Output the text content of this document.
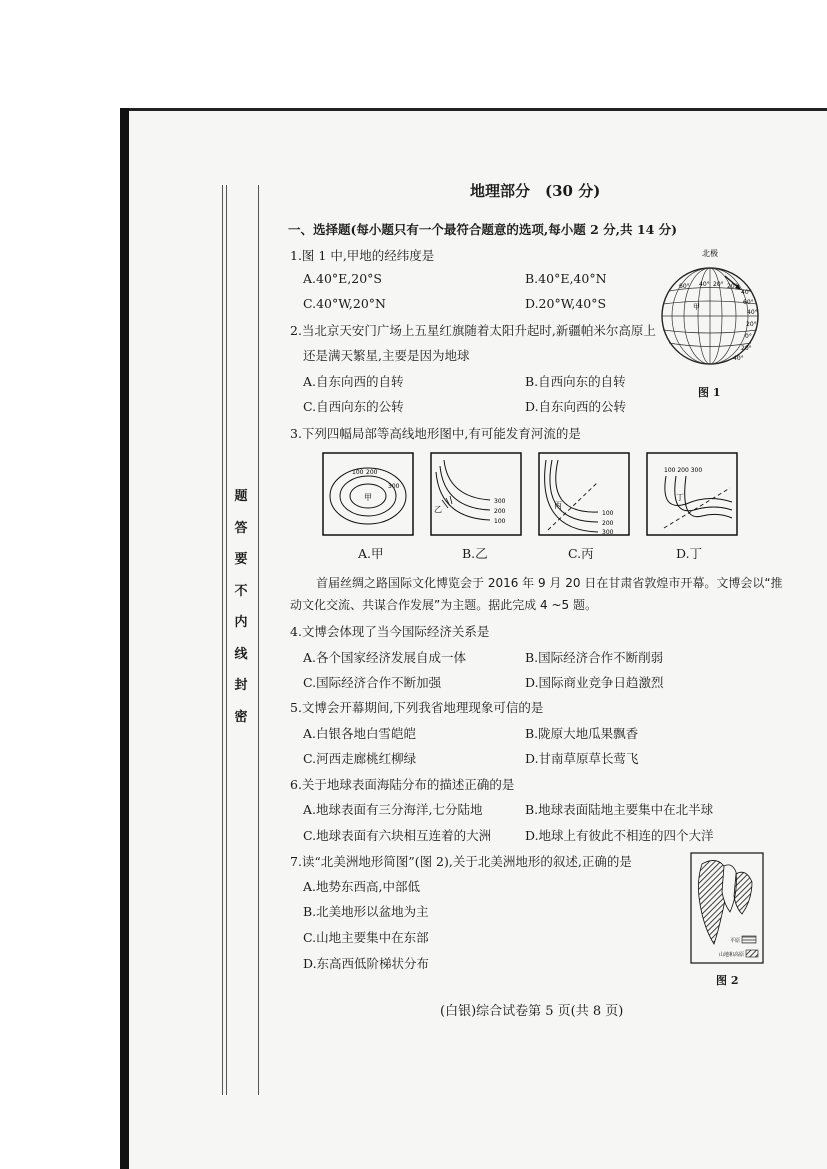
题
答
要
不
内
线
封
密
地理部分　(30 分)
一、选择题(每小题只有一个最符合题意的选项,每小题 2 分,共 14 分)
1.图 1 中,甲地的经纬度是
A.40°E,20°S	B.40°E,40°N
C.40°W,20°N	D.20°W,40°S
2.当北京天安门广场上五星红旗随着太阳升起时,新疆帕米尔高原上
还是满天繁星,主要是因为地球
A.自东向西的自转	B.自西向东的自转
C.自西向东的公转	D.自东向西的公转
北极
60° 40° 20° 20°
40°
甲
60°
40°
20°
0°
20°
40°
图 1
3.下列四幅局部等高线地形图中,有可能发育河流的是
100 200
300
甲	300
200
100
乙	100
200
300
丙
100 200 300
丁
A.甲	B.乙	C.丙	D.丁
首届丝绸之路国际文化博览会于 2016 年 9 月 20 日在甘肃省敦煌市开幕。文博会以“推
动文化交流、共谋合作发展”为主题。据此完成 4 ~5 题。
4.文博会体现了当今国际经济关系是
A.各个国家经济发展自成一体	B.国际经济合作不断削弱
C.国际经济合作不断加强	D.国际商业竞争日趋激烈
5.文博会开幕期间,下列我省地理现象可信的是
A.白银各地白雪皑皑	B.陇原大地瓜果飘香
C.河西走廊桃红柳绿	D.甘南草原草长莺飞
6.关于地球表面海陆分布的描述正确的是
A.地球表面有三分海洋,七分陆地	B.地球表面陆地主要集中在北半球
C.地球表面有六块相互连着的大洲	D.地球上有彼此不相连的四个大洋
7.读“北美洲地形简图”(图 2),关于北美洲地形的叙述,正确的是
A.地势东西高,中部低
B.北美地形以盆地为主
C.山地主要集中在东部
D.东高西低阶梯状分布
平原
山地和高原
图 2
(白银)综合试卷第 5 页(共 8 页)
